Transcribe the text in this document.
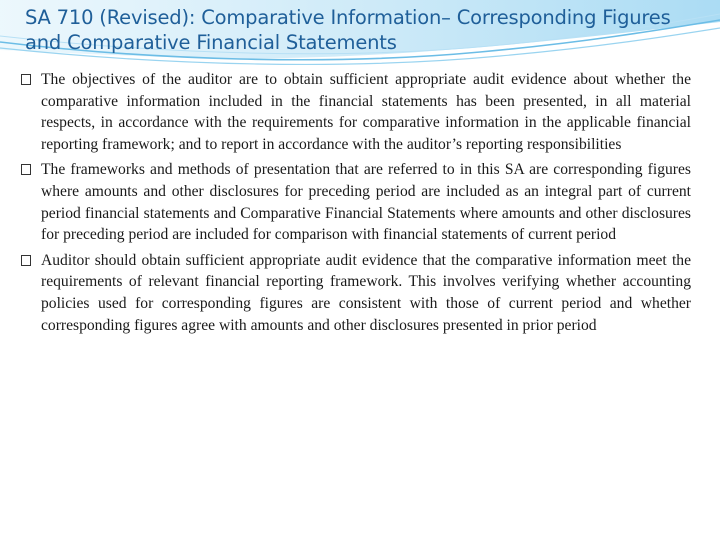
SA 710 (Revised): Comparative Information– Corresponding Figures and Comparative Financial Statements
The objectives of the auditor are to obtain sufficient appropriate audit evidence about whether the comparative information included in the financial statements has been presented, in all material respects, in accordance with the requirements for comparative information in the applicable financial reporting framework; and to report in accordance with the auditor’s reporting responsibilities
The frameworks and methods of presentation that are referred to in this SA are corresponding figures where amounts and other disclosures for preceding period are included as an integral part of current period financial statements and Comparative Financial Statements where amounts and other disclosures for preceding period are included for comparison with financial statements of current period
Auditor should obtain sufficient appropriate audit evidence that the comparative information meet the requirements of relevant financial reporting framework. This involves verifying whether accounting policies used for corresponding figures are consistent with those of current period and whether corresponding figures agree with amounts and other disclosures presented in prior period
